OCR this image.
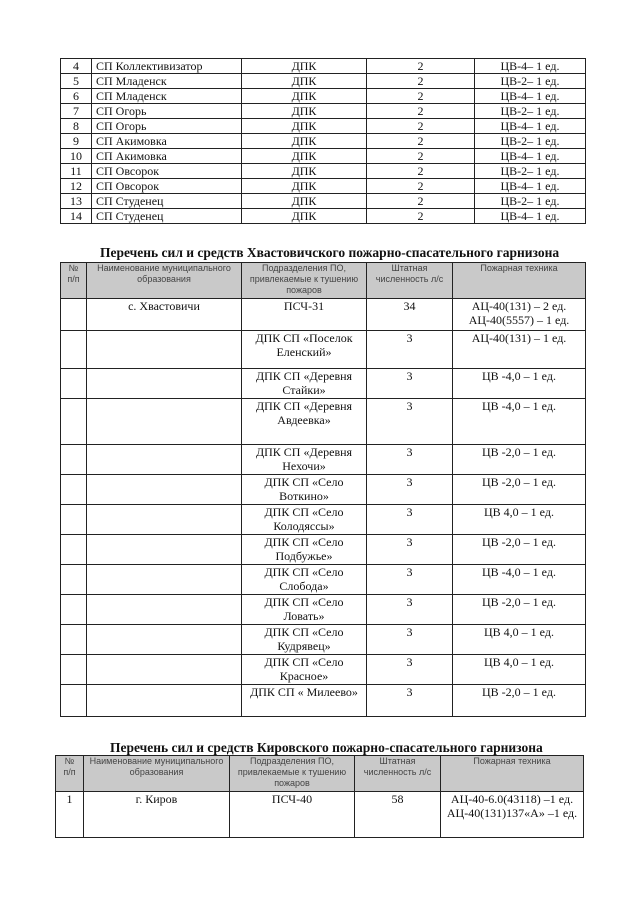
4	СП Коллективизатор	ДПК	2	ЦВ-4– 1 ед.
5	СП Младенск	ДПК	2	ЦВ-2– 1 ед.
6	СП Младенск	ДПК	2	ЦВ-4– 1 ед.
7	СП Огорь	ДПК	2	ЦВ-2– 1 ед.
8	СП Огорь	ДПК	2	ЦВ-4– 1 ед.
9	СП Акимовка	ДПК	2	ЦВ-2– 1 ед.
10	СП Акимовка	ДПК	2	ЦВ-4– 1 ед.
11	СП Овсорок	ДПК	2	ЦВ-2– 1 ед.
12	СП Овсорок	ДПК	2	ЦВ-4– 1 ед.
13	СП Студенец	ДПК	2	ЦВ-2– 1 ед.
14	СП Студенец	ДПК	2	ЦВ-4– 1 ед.
Перечень сил и средств Хвастовичского пожарно-спасательного гарнизона
№ п/п	Наименование муниципального образования	Подразделения ПО, привлекаемые к тушению пожаров	Штатная численность л/с	Пожарная техника
	с. Хвастовичи	ПСЧ-31	34	АЦ-40(131) – 2 ед. АЦ-40(5557) – 1 ед.
		ДПК СП «Поселок Еленский»	3	АЦ-40(131) – 1 ед.
		ДПК СП «Деревня Стайки»	3	ЦВ -4,0 – 1 ед.
		ДПК СП «Деревня Авдеевка»	3	ЦВ -4,0 – 1 ед.
		ДПК СП «Деревня Нехочи»	3	ЦВ -2,0 – 1 ед.
		ДПК СП «Село Воткино»	3	ЦВ -2,0 – 1 ед.
		ДПК СП «Село Колодяссы»	3	ЦВ 4,0 – 1 ед.
		ДПК СП «Село Подбужье»	3	ЦВ -2,0 – 1 ед.
		ДПК СП «Село Слобода»	3	ЦВ -4,0 – 1 ед.
		ДПК СП «Село Ловать»	3	ЦВ -2,0 – 1 ед.
		ДПК СП «Село Кудрявец»	3	ЦВ 4,0 – 1 ед.
		ДПК СП «Село Красное»	3	ЦВ 4,0 – 1 ед.
		ДПК СП « Милеево»	3	ЦВ -2,0 – 1 ед.
Перечень сил и средств Кировского пожарно-спасательного гарнизона
№ п/п	Наименование муниципального образования	Подразделения ПО, привлекаемые к тушению пожаров	Штатная численность л/с	Пожарная техника
1	г. Киров	ПСЧ-40	58	АЦ-40-6.0(43118) –1 ед. АЦ-40(131)137«А» –1 ед.
